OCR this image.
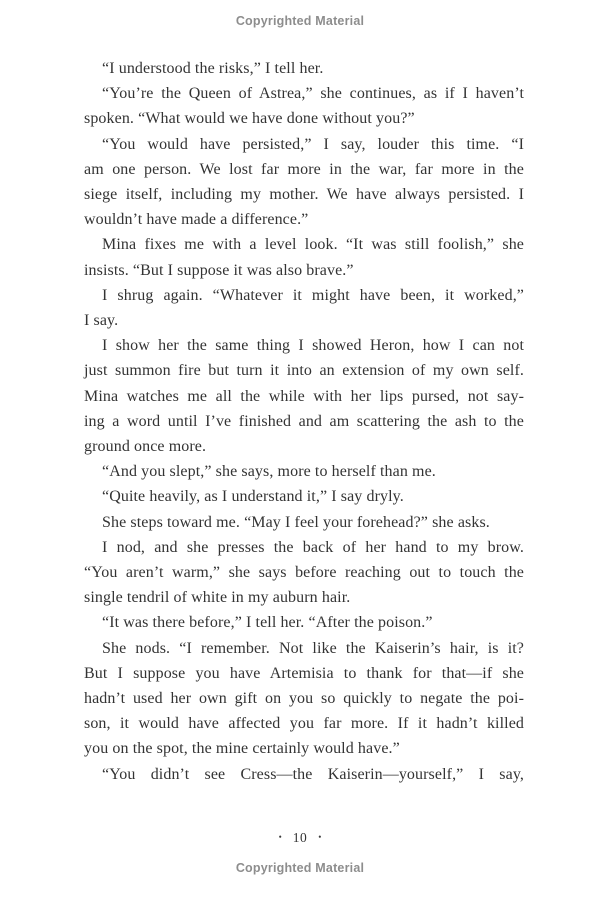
Copyrighted Material
“I understood the risks,” I tell her.
“You’re the Queen of Astrea,” she continues, as if I haven’t
spoken. “What would we have done without you?”
“You would have persisted,” I say, louder this time. “I
am one person. We lost far more in the war, far more in the
siege itself, including my mother. We have always persisted. I
wouldn’t have made a difference.”
Mina fixes me with a level look. “It was still foolish,” she
insists. “But I suppose it was also brave.”
I shrug again. “Whatever it might have been, it worked,”
I say.
I show her the same thing I showed Heron, how I can not
just summon fire but turn it into an extension of my own self.
Mina watches me all the while with her lips pursed, not say-
ing a word until I’ve finished and am scattering the ash to the
ground once more.
“And you slept,” she says, more to herself than me.
“Quite heavily, as I understand it,” I say dryly.
She steps toward me. “May I feel your forehead?” she asks.
I nod, and she presses the back of her hand to my brow.
“You aren’t warm,” she says before reaching out to touch the
single tendril of white in my auburn hair.
“It was there before,” I tell her. “After the poison.”
She nods. “I remember. Not like the Kaiserin’s hair, is it?
But I suppose you have Artemisia to thank for that—if she
hadn’t used her own gift on you so quickly to negate the poi-
son, it would have affected you far more. If it hadn’t killed
you on the spot, the mine certainly would have.”
“You didn’t see Cress—the Kaiserin—yourself,” I say,
• 10 •
Copyrighted Material
